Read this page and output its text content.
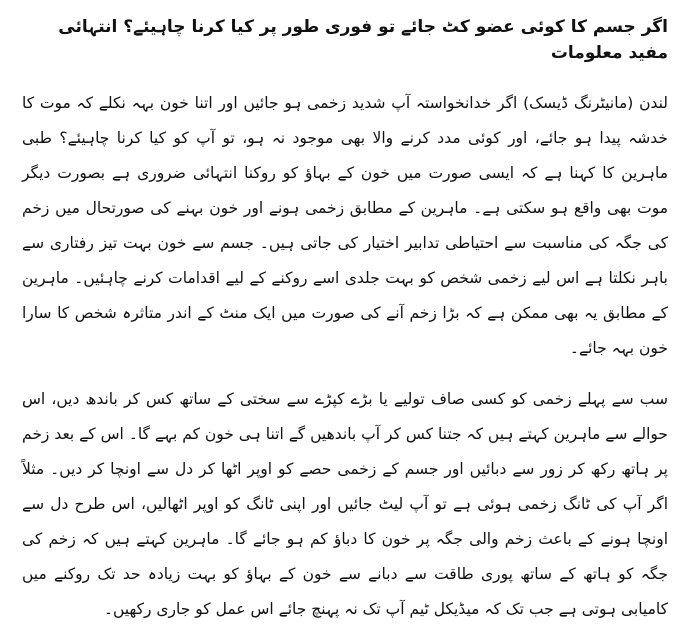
اگر جسم کا کوئی عضو کٹ جائے تو فوری طور پر کیا کرنا چاہیئے؟ انتہائی مفید معلومات

لندن (مانیٹرنگ ڈیسک) اگر خدانخواستہ آپ شدید زخمی ہو جائیں اور اتنا خون بہہ نکلے کہ موت کا خدشہ پیدا ہو جائے، اور کوئی مدد کرنے والا بھی موجود نہ ہو، تو آپ کو کیا کرنا چاہیئے؟ طبی ماہرین کا کہنا ہے کہ ایسی صورت میں خون کے بہاؤ کو روکنا انتہائی ضروری ہے بصورت دیگر موت بھی واقع ہو سکتی ہے۔ ماہرین کے مطابق زخمی ہونے اور خون بہنے کی صورتحال میں زخم کی جگہ کی مناسبت سے احتیاطی تدابیر اختیار کی جاتی ہیں۔ جسم سے خون بہت تیز رفتاری سے باہر نکلتا ہے اس لیے زخمی شخص کو بہت جلدی اسے روکنے کے لیے اقدامات کرنے چاہئیں۔ ماہرین کے مطابق یہ بھی ممکن ہے کہ بڑا زخم آنے کی صورت میں ایک منٹ کے اندر متاثرہ شخص کا سارا خون بہہ جائے۔

سب سے پہلے زخمی کو کسی صاف تولیے یا بڑے کپڑے سے سختی کے ساتھ کس کر باندھ دیں، اس حوالے سے ماہرین کہتے ہیں کہ جتنا کس کر آپ باندھیں گے اتنا ہی خون کم بہے گا۔ اس کے بعد زخم پر ہاتھ رکھ کر زور سے دبائیں اور جسم کے زخمی حصے کو اوپر اٹھا کر دل سے اونچا کر دیں۔ مثلاً اگر آپ کی ٹانگ زخمی ہوئی ہے تو آپ لیٹ جائیں اور اپنی ٹانگ کو اوپر اٹھالیں، اس طرح دل سے اونچا ہونے کے باعث زخم والی جگہ پر خون کا دباؤ کم ہو جائے گا۔ ماہرین کہتے ہیں کہ زخم کی جگہ کو ہاتھ کے ساتھ پوری طاقت سے دبانے سے خون کے بہاؤ کو بہت زیادہ حد تک روکنے میں کامیابی ہوتی ہے جب تک کہ میڈیکل ٹیم آپ تک نہ پہنچ جائے اس عمل کو جاری رکھیں۔
